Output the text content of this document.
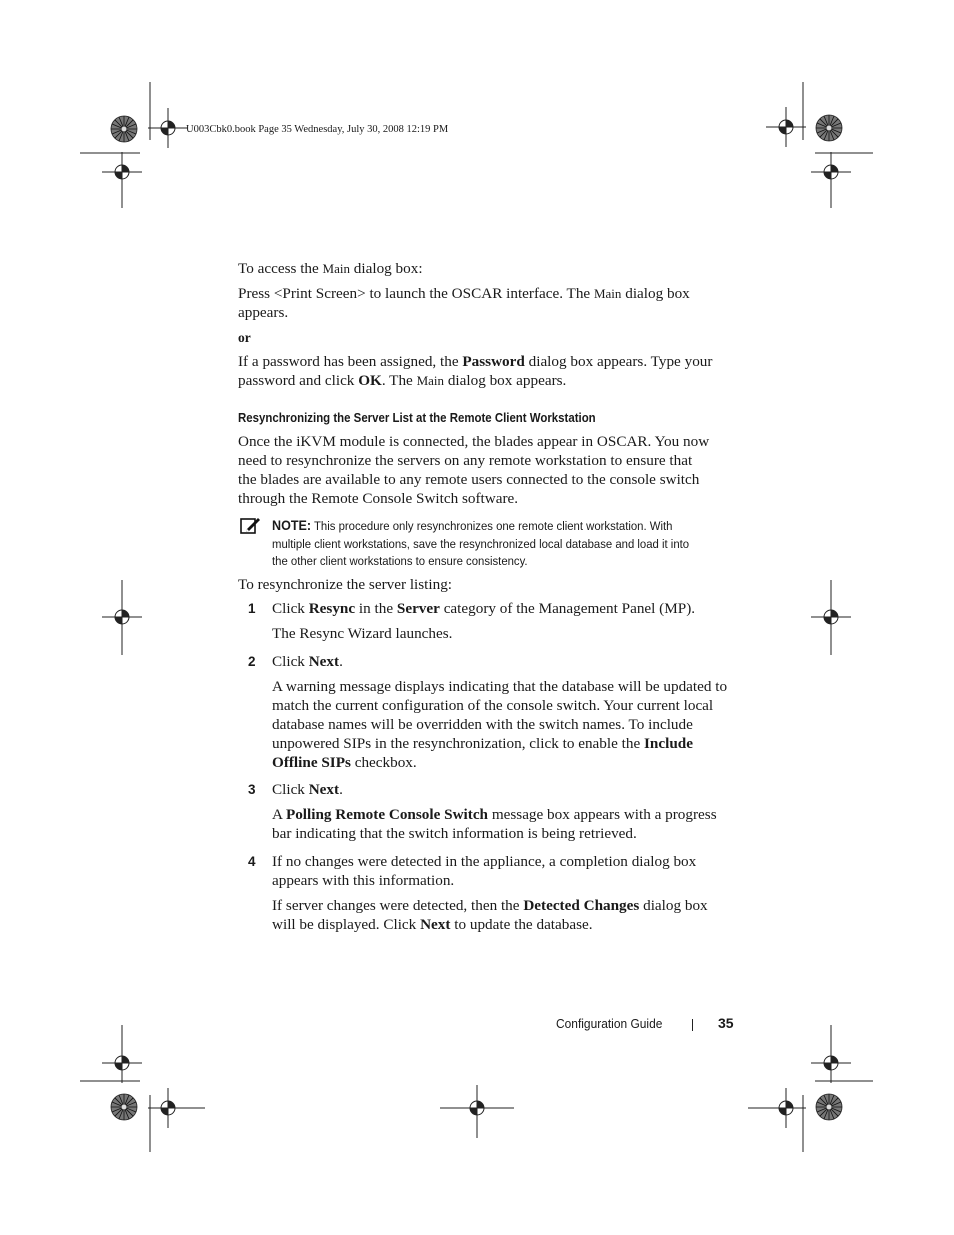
U003Cbk0.book Page 35 Wednesday, July 30, 2008 12:19 PM

To access the Main dialog box:

Press <Print Screen> to launch the OSCAR interface. The Main dialog box
appears.

or

If a password has been assigned, the Password dialog box appears. Type your
password and click OK. The Main dialog box appears.

Resynchronizing the Server List at the Remote Client Workstation

Once the iKVM module is connected, the blades appear in OSCAR. You now
need to resynchronize the servers on any remote workstation to ensure that
the blades are available to any remote users connected to the console switch
through the Remote Console Switch software.

NOTE: This procedure only resynchronizes one remote client workstation. With
multiple client workstations, save the resynchronized local database and load it into
the other client workstations to ensure consistency.

To resynchronize the server listing:

1 Click Resync in the Server category of the Management Panel (MP).

The Resync Wizard launches.

2 Click Next.

A warning message displays indicating that the database will be updated to
match the current configuration of the console switch. Your current local
database names will be overridden with the switch names. To include
unpowered SIPs in the resynchronization, click to enable the Include
Offline SIPs checkbox.

3 Click Next.

A Polling Remote Console Switch message box appears with a progress
bar indicating that the switch information is being retrieved.

4 If no changes were detected in the appliance, a completion dialog box
appears with this information.

If server changes were detected, then the Detected Changes dialog box
will be displayed. Click Next to update the database.

Configuration Guide	35
